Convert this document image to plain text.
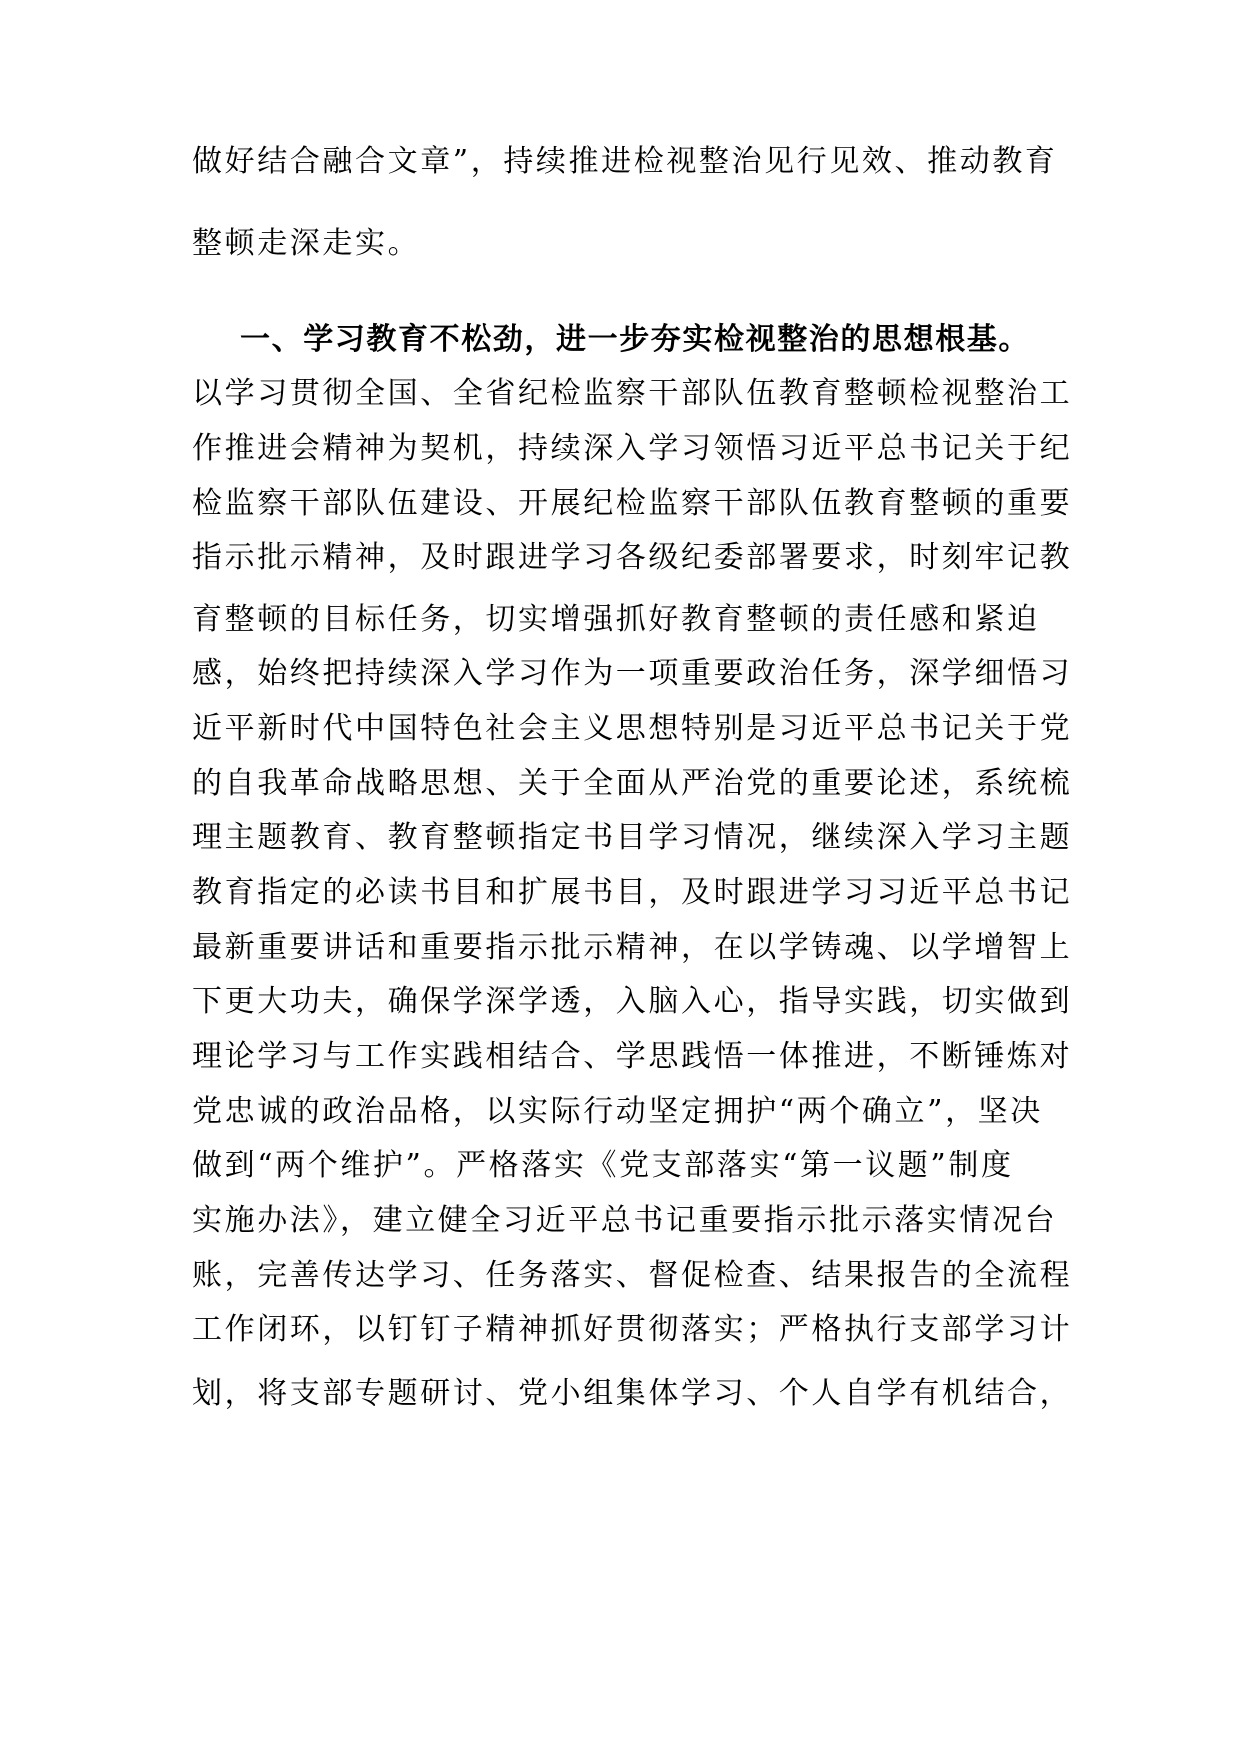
做好结合融合文章”，持续推进检视整治见行见效、推动教育
整顿走深走实。
一、学习教育不松劲，进一步夯实检视整治的思想根基。
以学习贯彻全国、全省纪检监察干部队伍教育整顿检视整治工
作推进会精神为契机，持续深入学习领悟习近平总书记关于纪
检监察干部队伍建设、开展纪检监察干部队伍教育整顿的重要
指示批示精神，及时跟进学习各级纪委部署要求，时刻牢记教
育整顿的目标任务，切实增强抓好教育整顿的责任感和紧迫
感，始终把持续深入学习作为一项重要政治任务，深学细悟习
近平新时代中国特色社会主义思想特别是习近平总书记关于党
的自我革命战略思想、关于全面从严治党的重要论述，系统梳
理主题教育、教育整顿指定书目学习情况，继续深入学习主题
教育指定的必读书目和扩展书目，及时跟进学习习近平总书记
最新重要讲话和重要指示批示精神，在以学铸魂、以学增智上
下更大功夫，确保学深学透，入脑入心，指导实践，切实做到
理论学习与工作实践相结合、学思践悟一体推进，不断锤炼对
党忠诚的政治品格，以实际行动坚定拥护“两个确立”，坚决
做到“两个维护”。严格落实《党支部落实“第一议题”制度
实施办法》，建立健全习近平总书记重要指示批示落实情况台
账，完善传达学习、任务落实、督促检查、结果报告的全流程
工作闭环，以钉钉子精神抓好贯彻落实；严格执行支部学习计
划，将支部专题研讨、党小组集体学习、个人自学有机结合，
